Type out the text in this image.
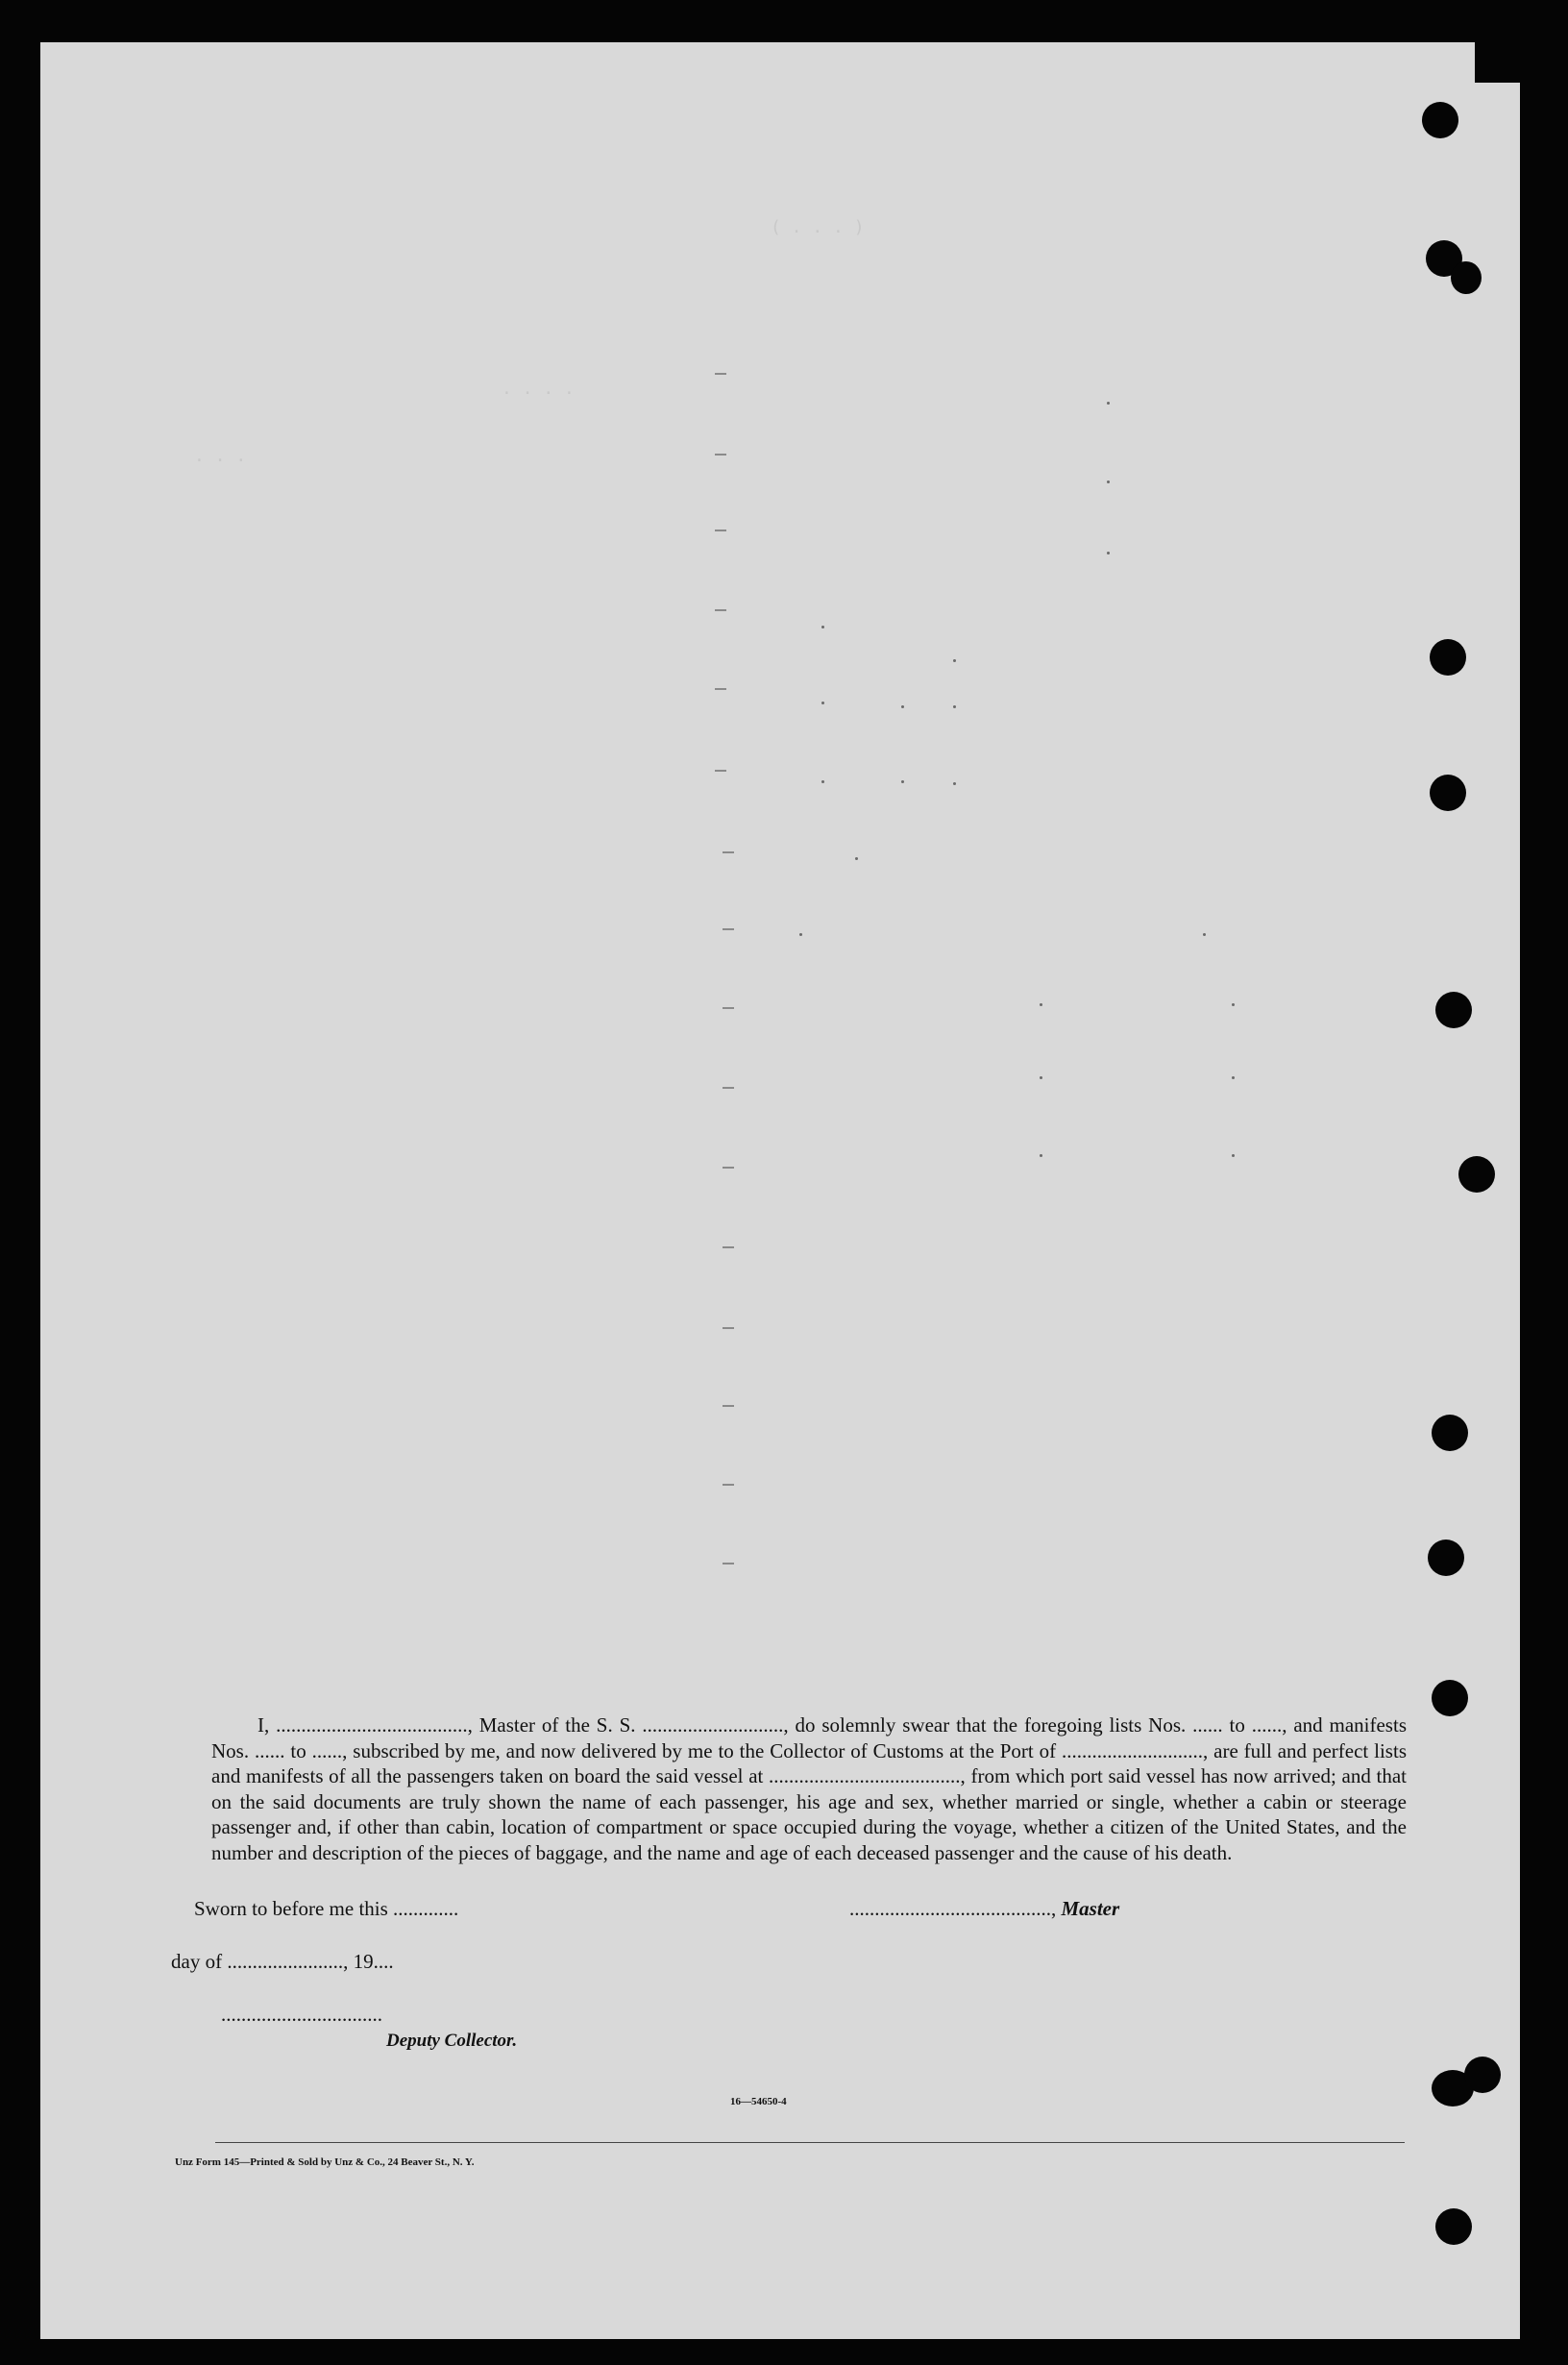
( . . . )
. . . .
. . .

I, ......................................, Master of the S. S. ............................, do solemnly swear that the foregoing lists Nos. ...... to ......, and manifests Nos. ...... to ......, subscribed by me, and now delivered by me to the Collector of Customs at the Port of ............................, are full and perfect lists and manifests of all the passengers taken on board the said vessel at ......................................, from which port said vessel has now arrived; and that on the said documents are truly shown the name of each passenger, his age and sex, whether married or single, whether a cabin or steerage passenger and, if other than cabin, location of compartment or space occupied during the voyage, whether a citizen of the United States, and the number and description of the pieces of baggage, and the name and age of each deceased passenger and the cause of his death.

Sworn to before me this .............	........................................, Master
day of ......................., 19....
................................
Deputy Collector.
16—54650-4
Unz Form 145—Printed & Sold by Unz & Co., 24 Beaver St., N. Y.
